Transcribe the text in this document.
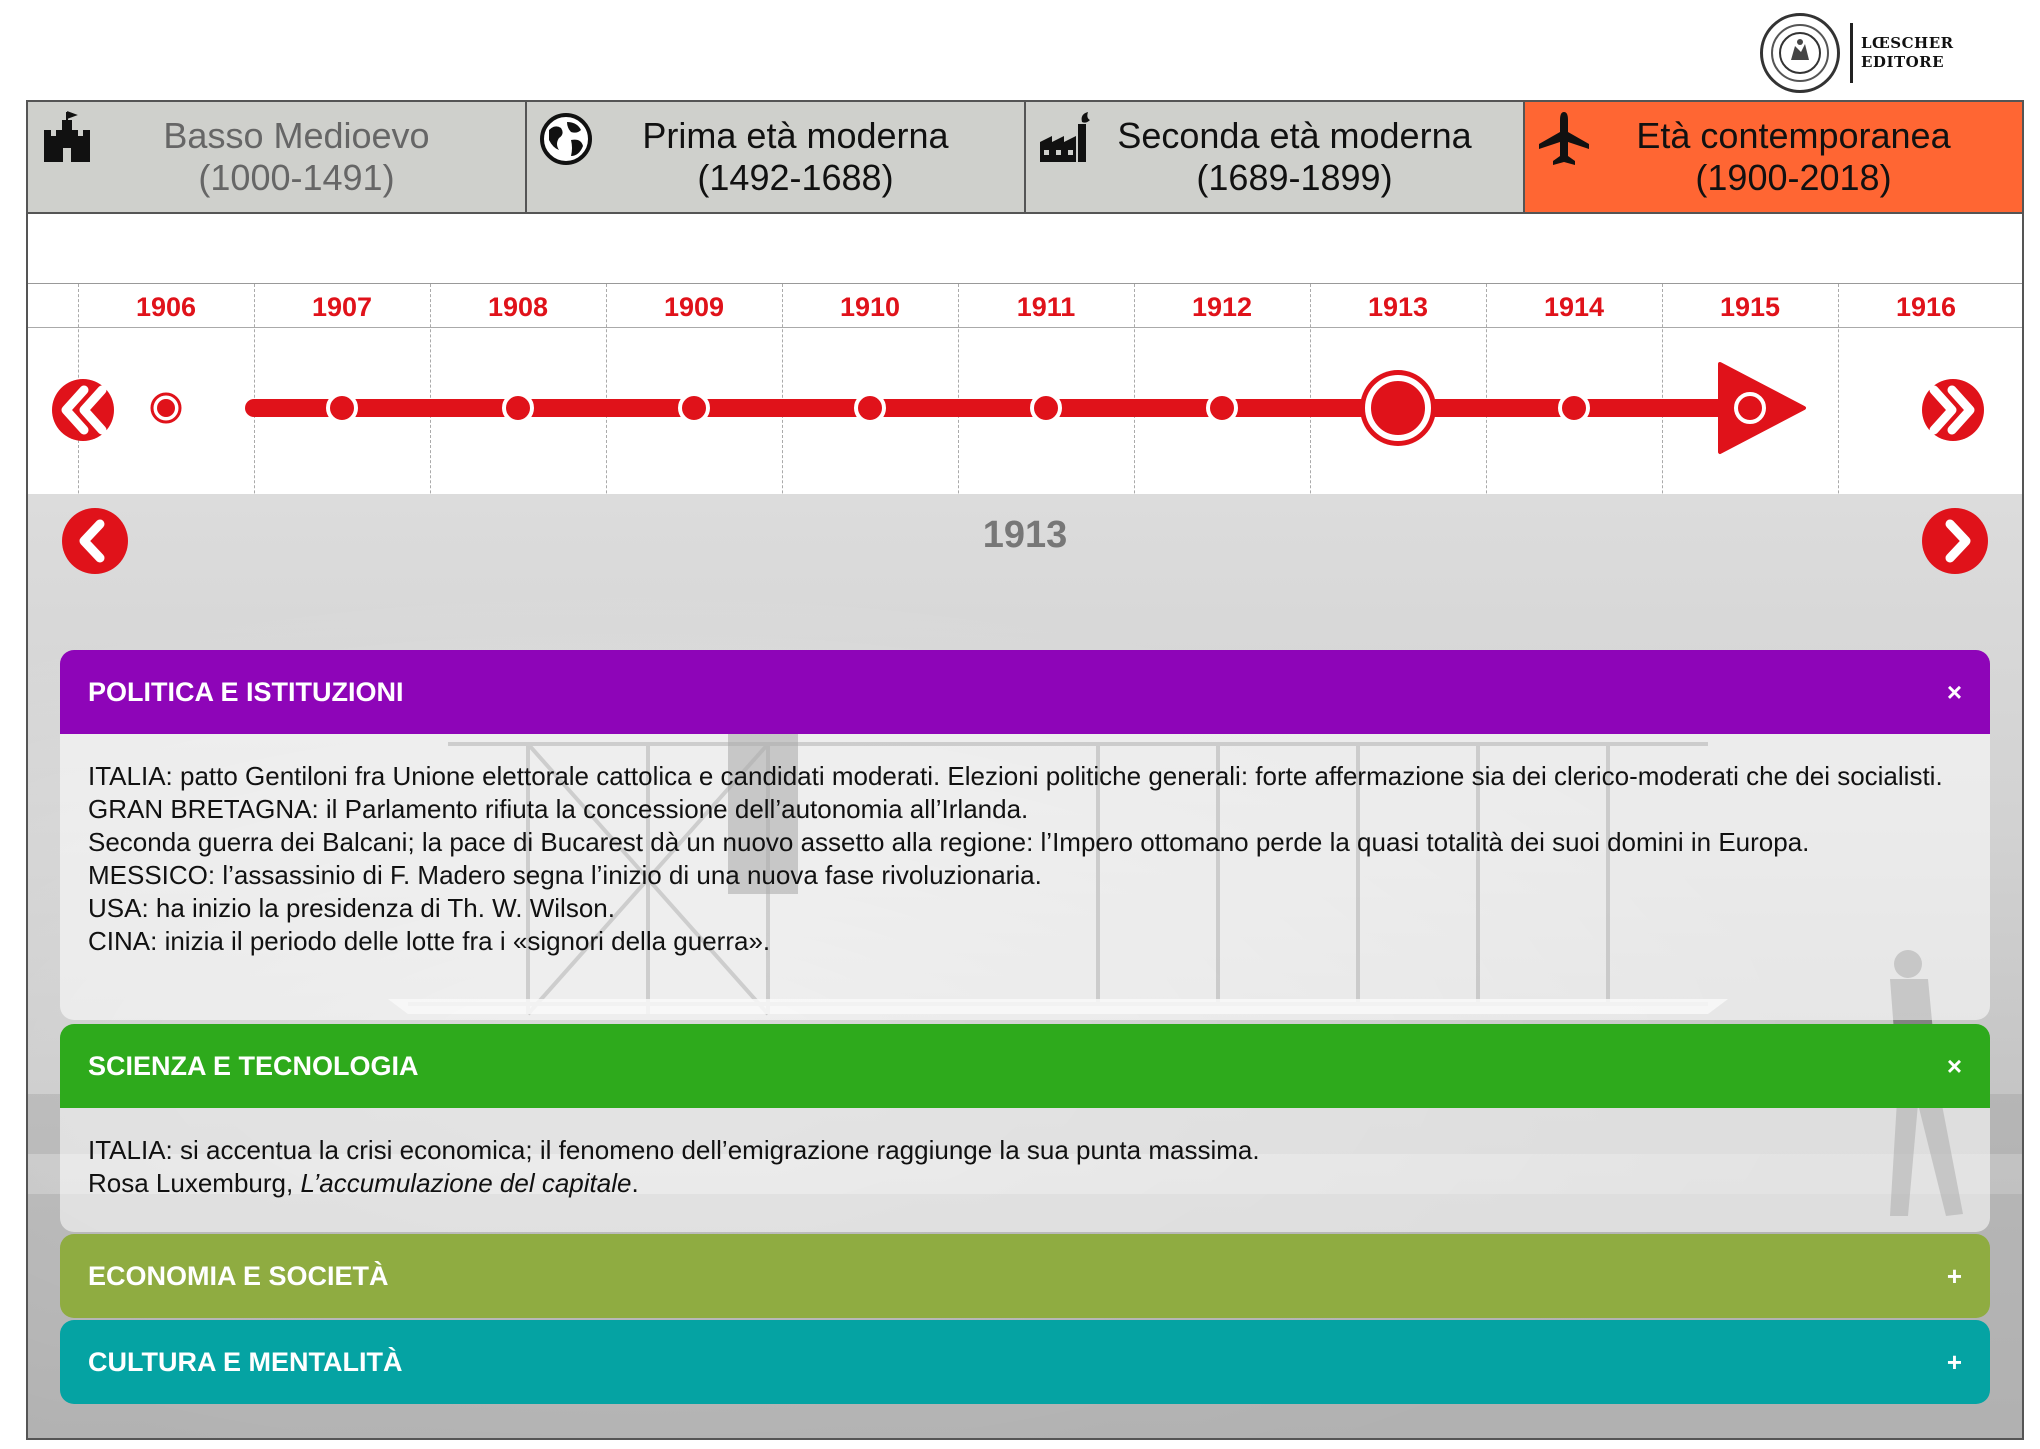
LŒSCHER
EDITORE
Basso Medioevo
(1000-1491)
Prima età moderna
(1492-1688)
Seconda età moderna
(1689-1899)
Età contemporanea
(1900-2018)
1906	1907	1908	1909	1910	1911	1912	1913	1914	1915	1916
1913
POLITICA E ISTITUZIONI	×

ITALIA: patto Gentiloni fra Unione elettorale cattolica e candidati moderati. Elezioni politiche generali: forte affermazione sia dei clerico-moderati che dei socialisti.

GRAN BRETAGNA: il Parlamento rifiuta la concessione dell’autonomia all’Irlanda.

Seconda guerra dei Balcani; la pace di Bucarest dà un nuovo assetto alla regione: l’Impero ottomano perde la quasi totalità dei suoi domini in Europa.

MESSICO: l’assassinio di F. Madero segna l’inizio di una nuova fase rivoluzionaria.

USA: ha inizio la presidenza di Th. W. Wilson.

CINA: inizia il periodo delle lotte fra i «signori della guerra».

SCIENZA E TECNOLOGIA	×

ITALIA: si accentua la crisi economica; il fenomeno dell’emigrazione raggiunge la sua punta massima.

Rosa Luxemburg, L’accumulazione del capitale.

ECONOMIA E SOCIETÀ	+
CULTURA E MENTALITÀ	+
